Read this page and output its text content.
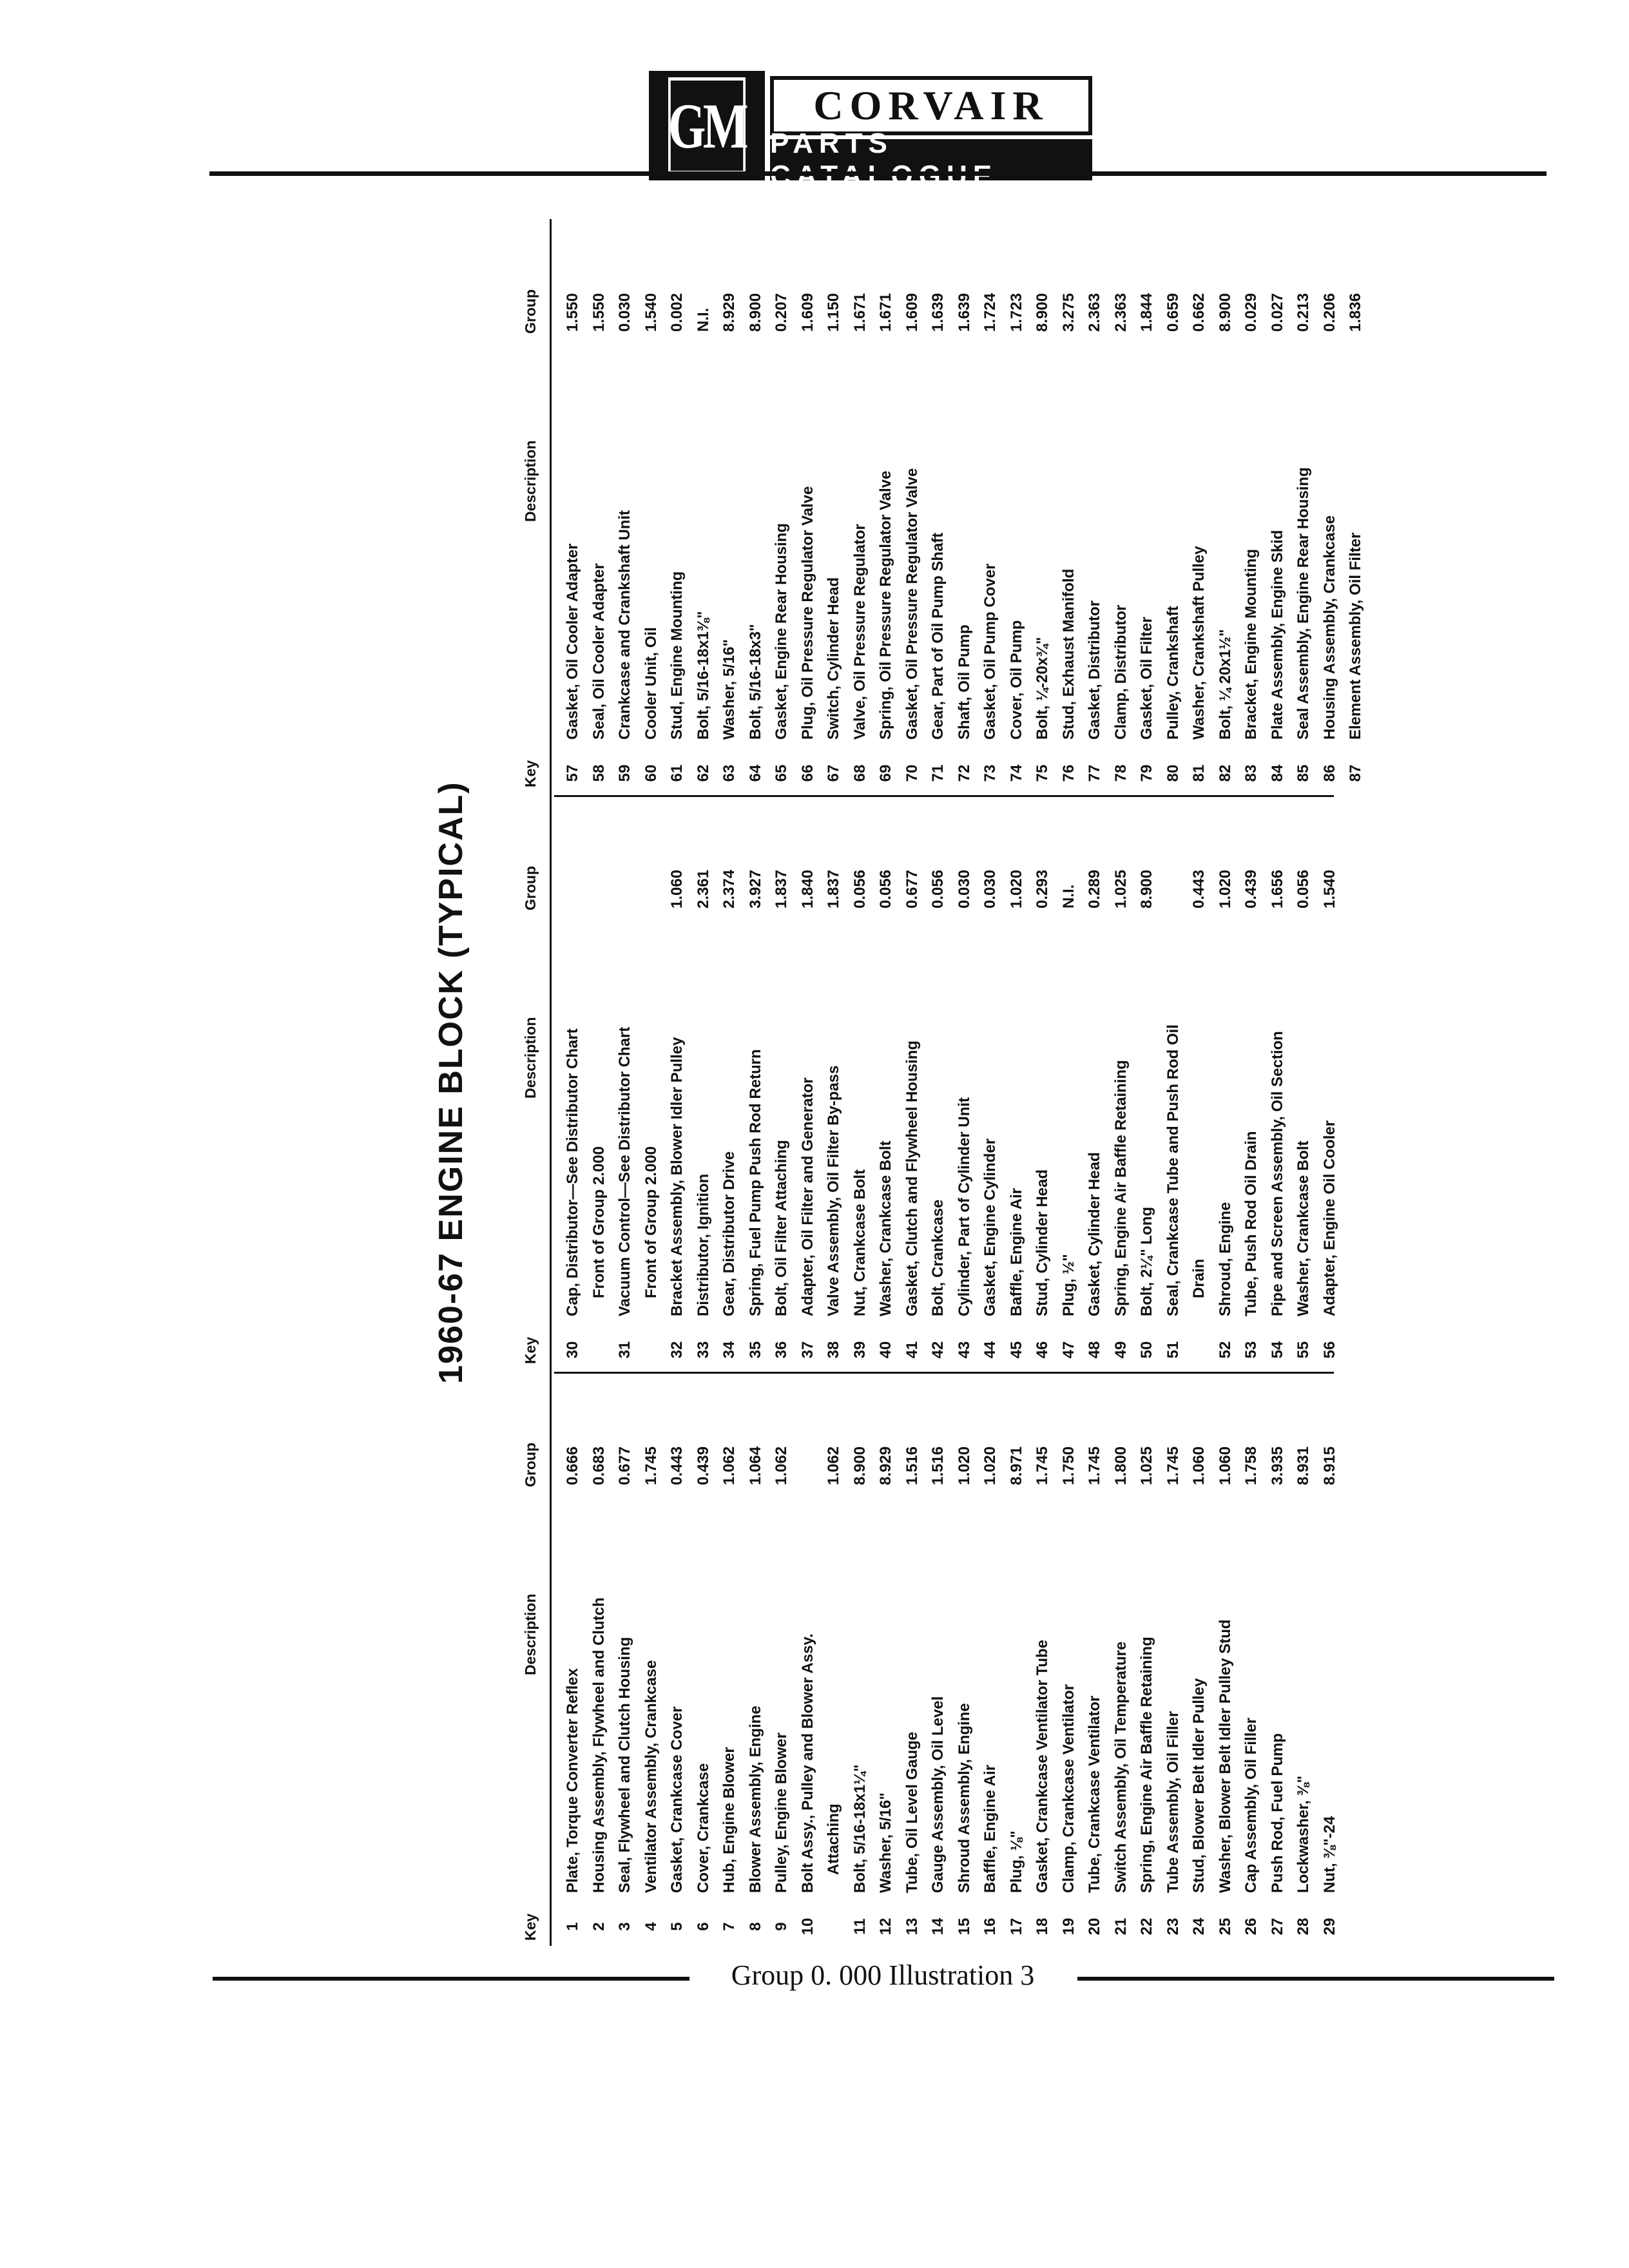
GM	CORVAIR
PARTS
1960-67 ENGINE BLOCK (TYPICAL)
Key
Description
Group
Key
Description
Group
Key
Description
Group
1
Plate, Torque Converter Reflex
0.666
2
Housing Assembly, Flywheel and Clutch
0.683
3
Seal, Flywheel and Clutch Housing
0.677
4
Ventilator Assembly, Crankcase
1.745
5
Gasket, Crankcase Cover
0.443
6
Cover, Crankcase
0.439
7
Hub, Engine Blower
1.062
8
Blower Assembly, Engine
1.064
9
Pulley, Engine Blower
1.062
10
Bolt Assy., Pulley and Blower Assy. Attaching
1.062
11
Bolt, 5/16-18x1¼"
8.900
12
Washer, 5/16"
8.929
13
Tube, Oil Level Gauge
1.516
14
Gauge Assembly, Oil Level
1.516
15
Shroud Assembly, Engine
1.020
16
Baffle, Engine Air
1.020
17
Plug, ⅛"
8.971
18
Gasket, Crankcase Ventilator Tube
1.745
19
Clamp, Crankcase Ventilator
1.750
20
Tube, Crankcase Ventilator
1.745
21
Switch Assembly, Oil Temperature
1.800
22
Spring, Engine Air Baffle Retaining
1.025
23
Tube Assembly, Oil Filler
1.745
24
Stud, Blower Belt Idler Pulley
1.060
25
Washer, Blower Belt Idler Pulley Stud
1.060
26
Cap Assembly, Oil Filler
1.758
27
Push Rod, Fuel Pump
3.935
28
Lockwasher, ⅜"
8.931
29
Nut, ⅜"-24
8.915
30
Cap, Distributor—See Distributor Chart Front of Group 2.000
31
Vacuum Control—See Distributor Chart Front of Group 2.000
32
Bracket Assembly, Blower Idler Pulley
1.060
33
Distributor, Ignition
2.361
34
Gear, Distributor Drive
2.374
35
Spring, Fuel Pump Push Rod Return
3.927
36
Bolt, Oil Filter Attaching
1.837
37
Adapter, Oil Filter and Generator
1.840
38
Valve Assembly, Oil Filter By-pass
1.837
39
Nut, Crankcase Bolt
0.056
40
Washer, Crankcase Bolt
0.056
41
Gasket, Clutch and Flywheel Housing
0.677
42
Bolt, Crankcase
0.056
43
Cylinder, Part of Cylinder Unit
0.030
44
Gasket, Engine Cylinder
0.030
45
Baffle, Engine Air
1.020
46
Stud, Cylinder Head
0.293
47
Plug, ½"
N.I.
48
Gasket, Cylinder Head
0.289
49
Spring, Engine Air Baffle Retaining
1.025
50
Bolt, 2¼" Long
8.900
51
Seal, Crankcase Tube and Push Rod Oil Drain
0.443
52
Shroud, Engine
1.020
53
Tube, Push Rod Oil Drain
0.439
54
Pipe and Screen Assembly, Oil Section
1.656
55
Washer, Crankcase Bolt
0.056
56
Adapter, Engine Oil Cooler
1.540
57
Gasket, Oil Cooler Adapter
1.550
58
Seal, Oil Cooler Adapter
1.550
59
Crankcase and Crankshaft Unit
0.030
60
Cooler Unit, Oil
1.540
61
Stud, Engine Mounting
0.002
62
Bolt, 5/16-18x1⅜"
N.I.
63
Washer, 5/16"
8.929
64
Bolt, 5/16-18x3"
8.900
65
Gasket, Engine Rear Housing
0.207
66
Plug, Oil Pressure Regulator Valve
1.609
67
Switch, Cylinder Head
1.150
68
Valve, Oil Pressure Regulator
1.671
69
Spring, Oil Pressure Regulator Valve
1.671
70
Gasket, Oil Pressure Regulator Valve
1.609
71
Gear, Part of Oil Pump Shaft
1.639
72
Shaft, Oil Pump
1.639
73
Gasket, Oil Pump Cover
1.724
74
Cover, Oil Pump
1.723
75
Bolt, ¼-20x¾"
8.900
76
Stud, Exhaust Manifold
3.275
77
Gasket, Distributor
2.363
78
Clamp, Distributor
2.363
79
Gasket, Oil Filter
1.844
80
Pulley, Crankshaft
0.659
81
Washer, Crankshaft Pulley
0.662
82
Bolt, ¼ 20x1½"
8.900
83
Bracket, Engine Mounting
0.029
84
Plate Assembly, Engine Skid
0.027
85
Seal Assembly, Engine Rear Housing
0.213
86
Housing Assembly, Crankcase
0.206
87
Element Assembly, Oil Filter
1.836
Group 0. 000 Illustration 3
